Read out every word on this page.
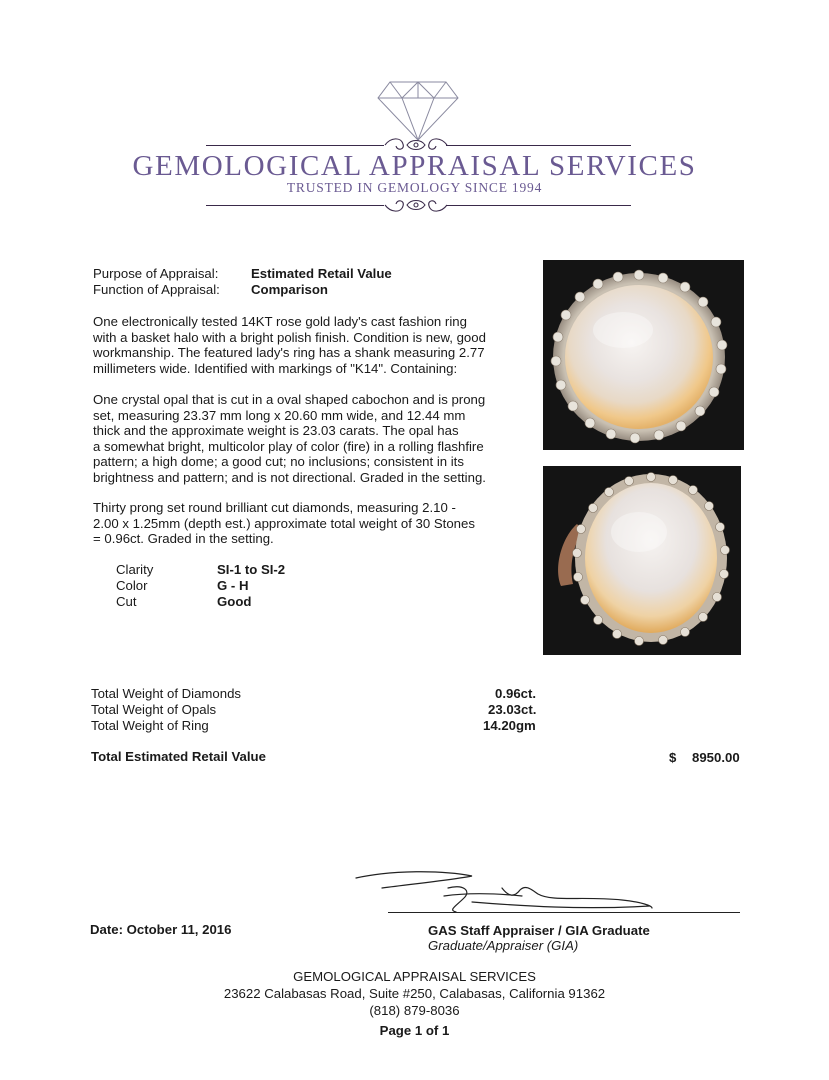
GEMOLOGICAL APPRAISAL SERVICES
TRUSTED IN GEMOLOGY SINCE 1994
Purpose of Appraisal: Estimated Retail Value
Function of Appraisal: Comparison
One electronically tested 14KT rose gold lady's cast fashion ring
with a basket halo with a bright polish finish. Condition is new, good
workmanship. The featured lady's ring has a shank measuring 2.77
millimeters wide. Identified with markings of "K14". Containing:
One crystal opal that is cut in a oval shaped cabochon and is prong
set, measuring 23.37 mm long x 20.60 mm wide, and 12.44 mm
thick and the approximate weight is 23.03 carats. The opal has
a somewhat bright, multicolor play of color (fire) in a rolling flashfire
pattern; a high dome; a good cut; no inclusions; consistent in its
brightness and pattern; and is not directional. Graded in the setting.
Thirty prong set round brilliant cut diamonds, measuring 2.10 -
2.00 x 1.25mm (depth est.) approximate total weight of 30 Stones
= 0.96ct. Graded in the setting.
Clarity	SI-1 to SI-2
Color	G - H
Cut	Good
Total Weight of Diamonds	0.96ct.
Total Weight of Opals	23.03ct.
Total Weight of Ring	14.20gm
Total Estimated Retail Value	$ 8950.00
Date: October 11, 2016	GAS Staff Appraiser / GIA Graduate
Graduate/Appraiser (GIA)
GEMOLOGICAL APPRAISAL SERVICES
23622 Calabasas Road, Suite #250, Calabasas, California 91362
(818) 879-8036
Page 1 of 1
